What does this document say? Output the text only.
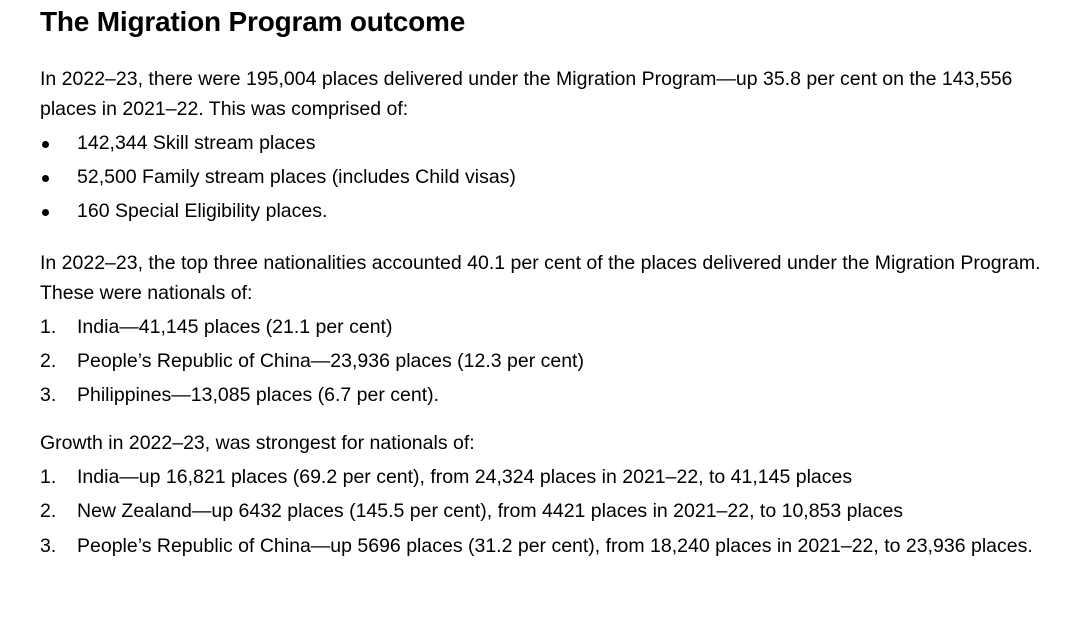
The Migration Program outcome

In 2022–23, there were 195,004 places delivered under the Migration Program—up 35.8 per cent on the 143,556 places in 2021–22. This was comprised of:

142,344 Skill stream places
52,500 Family stream places (includes Child visas)
160 Special Eligibility places.

In 2022–23, the top three nationalities accounted 40.1 per cent of the places delivered under the Migration Program. These were nationals of:

1. India—41,145 places (21.1 per cent)
2. People’s Republic of China—23,936 places (12.3 per cent)
3. Philippines—13,085 places (6.7 per cent).

Growth in 2022–23, was strongest for nationals of:

1. India—up 16,821 places (69.2 per cent), from 24,324 places in 2021–22, to 41,145 places
2. New Zealand—up 6432 places (145.5 per cent), from 4421 places in 2021–22, to 10,853 places
3. People’s Republic of China—up 5696 places (31.2 per cent), from 18,240 places in 2021–22, to 23,936 places.
